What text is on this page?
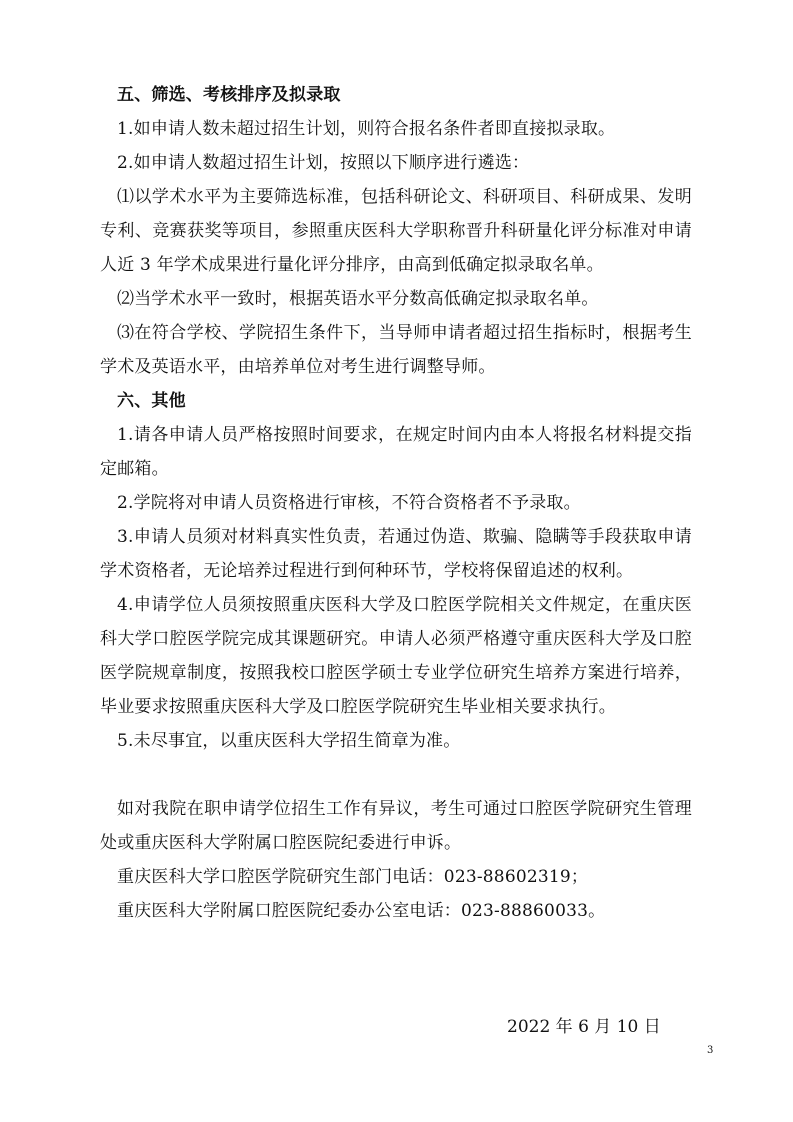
五、筛选、考核排序及拟录取

1.如申请人数未超过招生计划，则符合报名条件者即直接拟录取。

2.如申请人数超过招生计划，按照以下顺序进行遴选：

⑴以学术水平为主要筛选标准，包括科研论文、科研项目、科研成果、发明专利、竞赛获奖等项目，参照重庆医科大学职称晋升科研量化评分标准对申请人近 3 年学术成果进行量化评分排序，由高到低确定拟录取名单。

⑵当学术水平一致时，根据英语水平分数高低确定拟录取名单。

⑶在符合学校、学院招生条件下，当导师申请者超过招生指标时，根据考生学术及英语水平，由培养单位对考生进行调整导师。

六、其他

1.请各申请人员严格按照时间要求，在规定时间内由本人将报名材料提交指定邮箱。

2.学院将对申请人员资格进行审核，不符合资格者不予录取。

3.申请人员须对材料真实性负责，若通过伪造、欺骗、隐瞒等手段获取申请学术资格者，无论培养过程进行到何种环节，学校将保留追述的权利。

4.申请学位人员须按照重庆医科大学及口腔医学院相关文件规定，在重庆医科大学口腔医学院完成其课题研究。申请人必须严格遵守重庆医科大学及口腔医学院规章制度，按照我校口腔医学硕士专业学位研究生培养方案进行培养，毕业要求按照重庆医科大学及口腔医学院研究生毕业相关要求执行。

5.未尽事宜，以重庆医科大学招生简章为准。

如对我院在职申请学位招生工作有异议，考生可通过口腔医学院研究生管理处或重庆医科大学附属口腔医院纪委进行申诉。

重庆医科大学口腔医学院研究生部门电话：023-88602319；

重庆医科大学附属口腔医院纪委办公室电话：023-88860033。

2022 年 6 月 10 日
3
